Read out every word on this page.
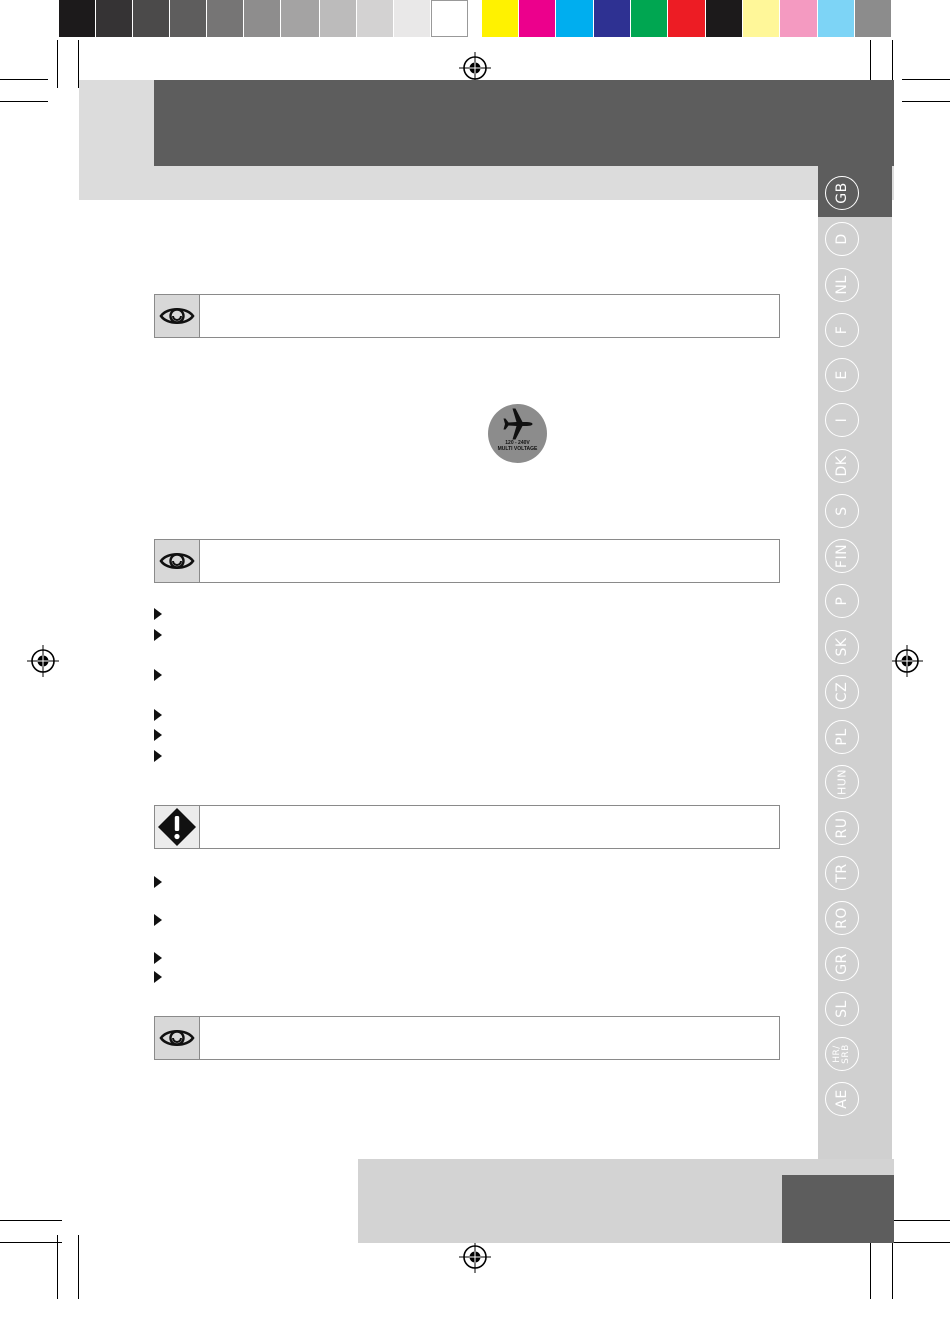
GB
D
NL
F
E
I
DK
S
FIN
P
SK
CZ
PL
HUN
RU
TR
RO
GR
SL
HR/ SRB
AE
120 - 240V
MULTI VOLTAGE
